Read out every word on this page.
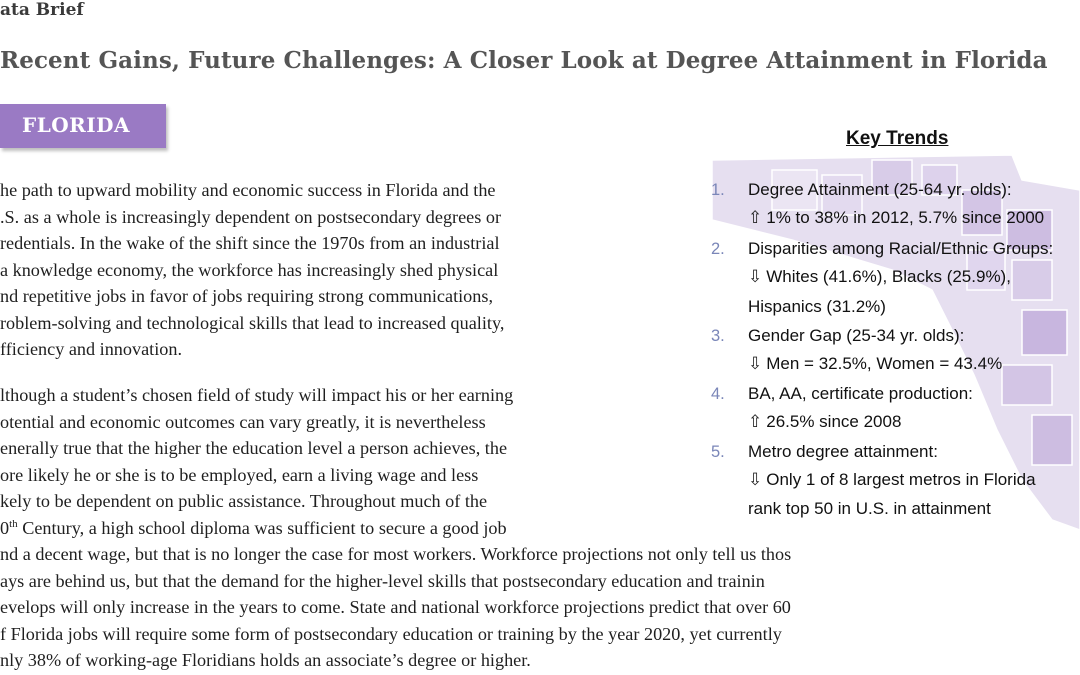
ata Brief
Recent Gains, Future Challenges: A Closer Look at Degree Attainment in Florida
FLORIDA
he path to upward mobility and economic success in Florida and the
.S. as a whole is increasingly dependent on postsecondary degrees or
redentials. In the wake of the shift since the 1970s from an industrial
a knowledge economy, the workforce has increasingly shed physical
nd repetitive jobs in favor of jobs requiring strong communications,
roblem-solving and technological skills that lead to increased quality,
fficiency and innovation.
lthough a student’s chosen field of study will impact his or her earning
otential and economic outcomes can vary greatly, it is nevertheless
enerally true that the higher the education level a person achieves, the
ore likely he or she is to be employed, earn a living wage and less
kely to be dependent on public assistance. Throughout much of the
0th Century, a high school diploma was sufficient to secure a good job
nd a decent wage, but that is no longer the case for most workers. Workforce projections not only tell us thos
ays are behind us, but that the demand for the higher-level skills that postsecondary education and trainin
evelops will only increase in the years to come. State and national workforce projections predict that over 60
f Florida jobs will require some form of postsecondary education or training by the year 2020, yet currently
nly 38% of working-age Floridians holds an associate’s degree or higher.
Key Trends
1. Degree Attainment (25-64 yr. olds):
⇧ 1% to 38% in 2012, 5.7% since 2000
2. Disparities among Racial/Ethnic Groups:
⇩ Whites (41.6%), Blacks (25.9%),
Hispanics (31.2%)
3. Gender Gap (25-34 yr. olds):
⇩ Men = 32.5%, Women = 43.4%
4. BA, AA, certificate production:
⇧ 26.5% since 2008
5. Metro degree attainment:
⇩ Only 1 of 8 largest metros in Florida
rank top 50 in U.S. in attainment
